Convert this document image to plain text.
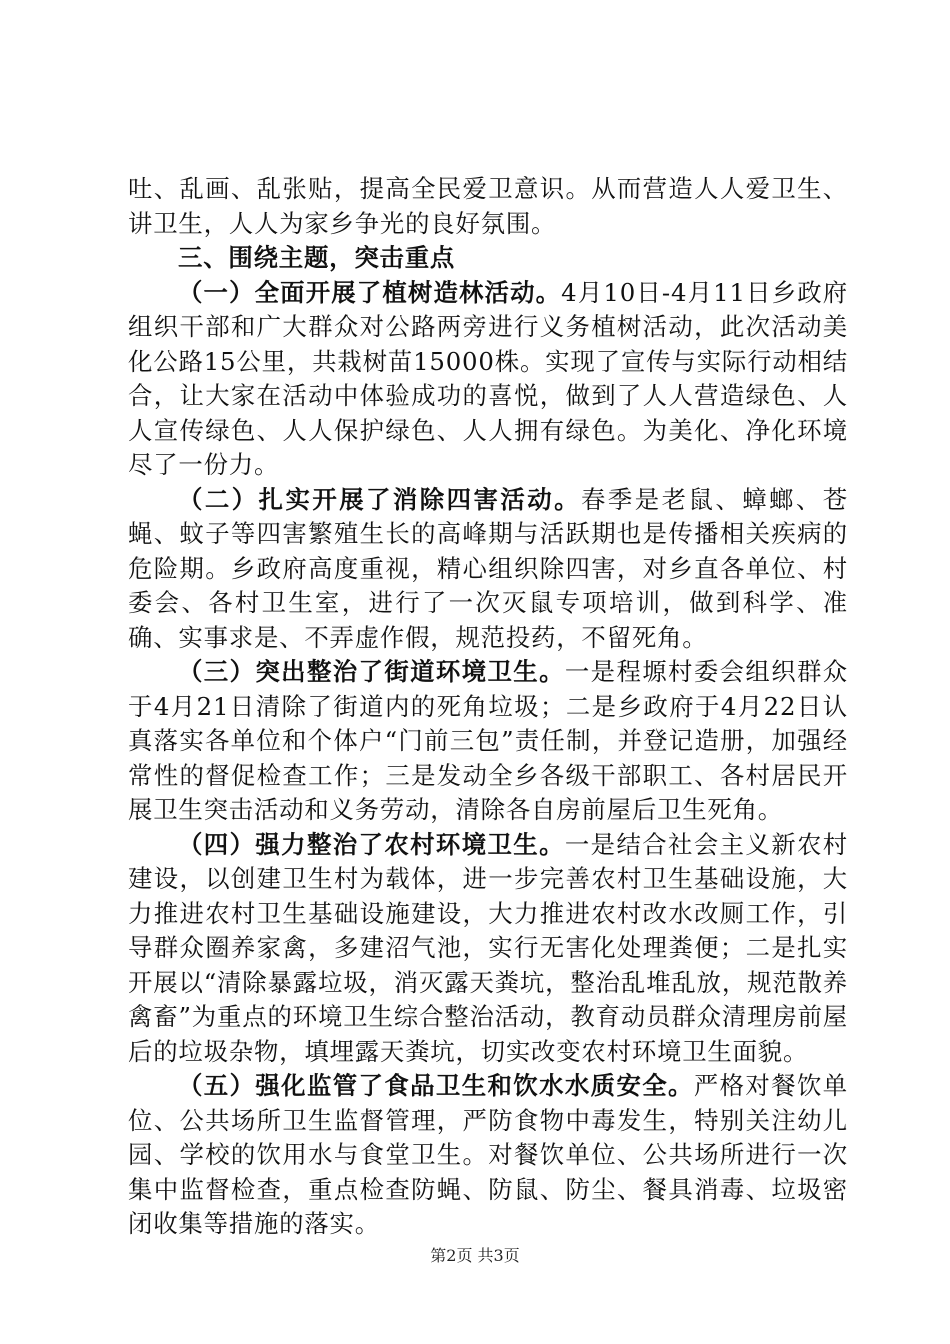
吐、乱画、乱张贴，提高全民爱卫意识。从而营造人人爱卫生、讲卫生，人人为家乡争光的良好氛围。

三、围绕主题，突击重点

（一）全面开展了植树造林活动。4月10日-4月11日乡政府组织干部和广大群众对公路两旁进行义务植树活动，此次活动美化公路15公里，共栽树苗15000株。实现了宣传与实际行动相结合，让大家在活动中体验成功的喜悦，做到了人人营造绿色、人人宣传绿色、人人保护绿色、人人拥有绿色。为美化、净化环境尽了一份力。

（二）扎实开展了消除四害活动。春季是老鼠、蟑螂、苍蝇、蚊子等四害繁殖生长的高峰期与活跃期也是传播相关疾病的危险期。乡政府高度重视，精心组织除四害，对乡直各单位、村委会、各村卫生室，进行了一次灭鼠专项培训，做到科学、准确、实事求是、不弄虚作假，规范投药，不留死角。

（三）突出整治了街道环境卫生。一是程塬村委会组织群众于4月21日清除了街道内的死角垃圾；二是乡政府于4月22日认真落实各单位和个体户“门前三包”责任制，并登记造册，加强经常性的督促检查工作；三是发动全乡各级干部职工、各村居民开展卫生突击活动和义务劳动，清除各自房前屋后卫生死角。

（四）强力整治了农村环境卫生。一是结合社会主义新农村建设，以创建卫生村为载体，进一步完善农村卫生基础设施，大力推进农村卫生基础设施建设，大力推进农村改水改厕工作，引导群众圈养家禽，多建沼气池，实行无害化处理粪便；二是扎实开展以“清除暴露垃圾，消灭露天粪坑，整治乱堆乱放，规范散养禽畜”为重点的环境卫生综合整治活动，教育动员群众清理房前屋后的垃圾杂物，填埋露天粪坑，切实改变农村环境卫生面貌。

（五）强化监管了食品卫生和饮水水质安全。严格对餐饮单位、公共场所卫生监督管理，严防食物中毒发生，特别关注幼儿园、学校的饮用水与食堂卫生。对餐饮单位、公共场所进行一次集中监督检查，重点检查防蝇、防鼠、防尘、餐具消毒、垃圾密闭收集等措施的落实。

第2页 共3页
